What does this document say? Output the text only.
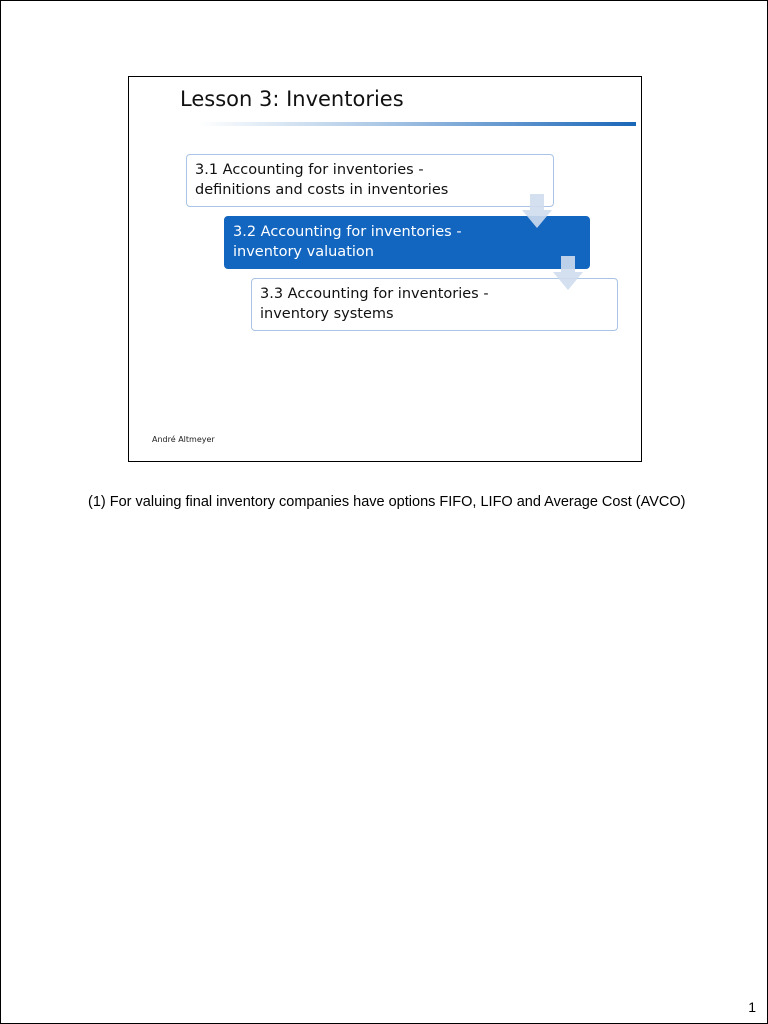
Lesson 3: Inventories
3.1 Accounting for inventories -
definitions and costs in inventories
3.2 Accounting for inventories -
inventory valuation
3.3 Accounting for inventories -
inventory systems
André Altmeyer
(1) For valuing final inventory companies have options FIFO, LIFO and Average Cost (AVCO)
1
